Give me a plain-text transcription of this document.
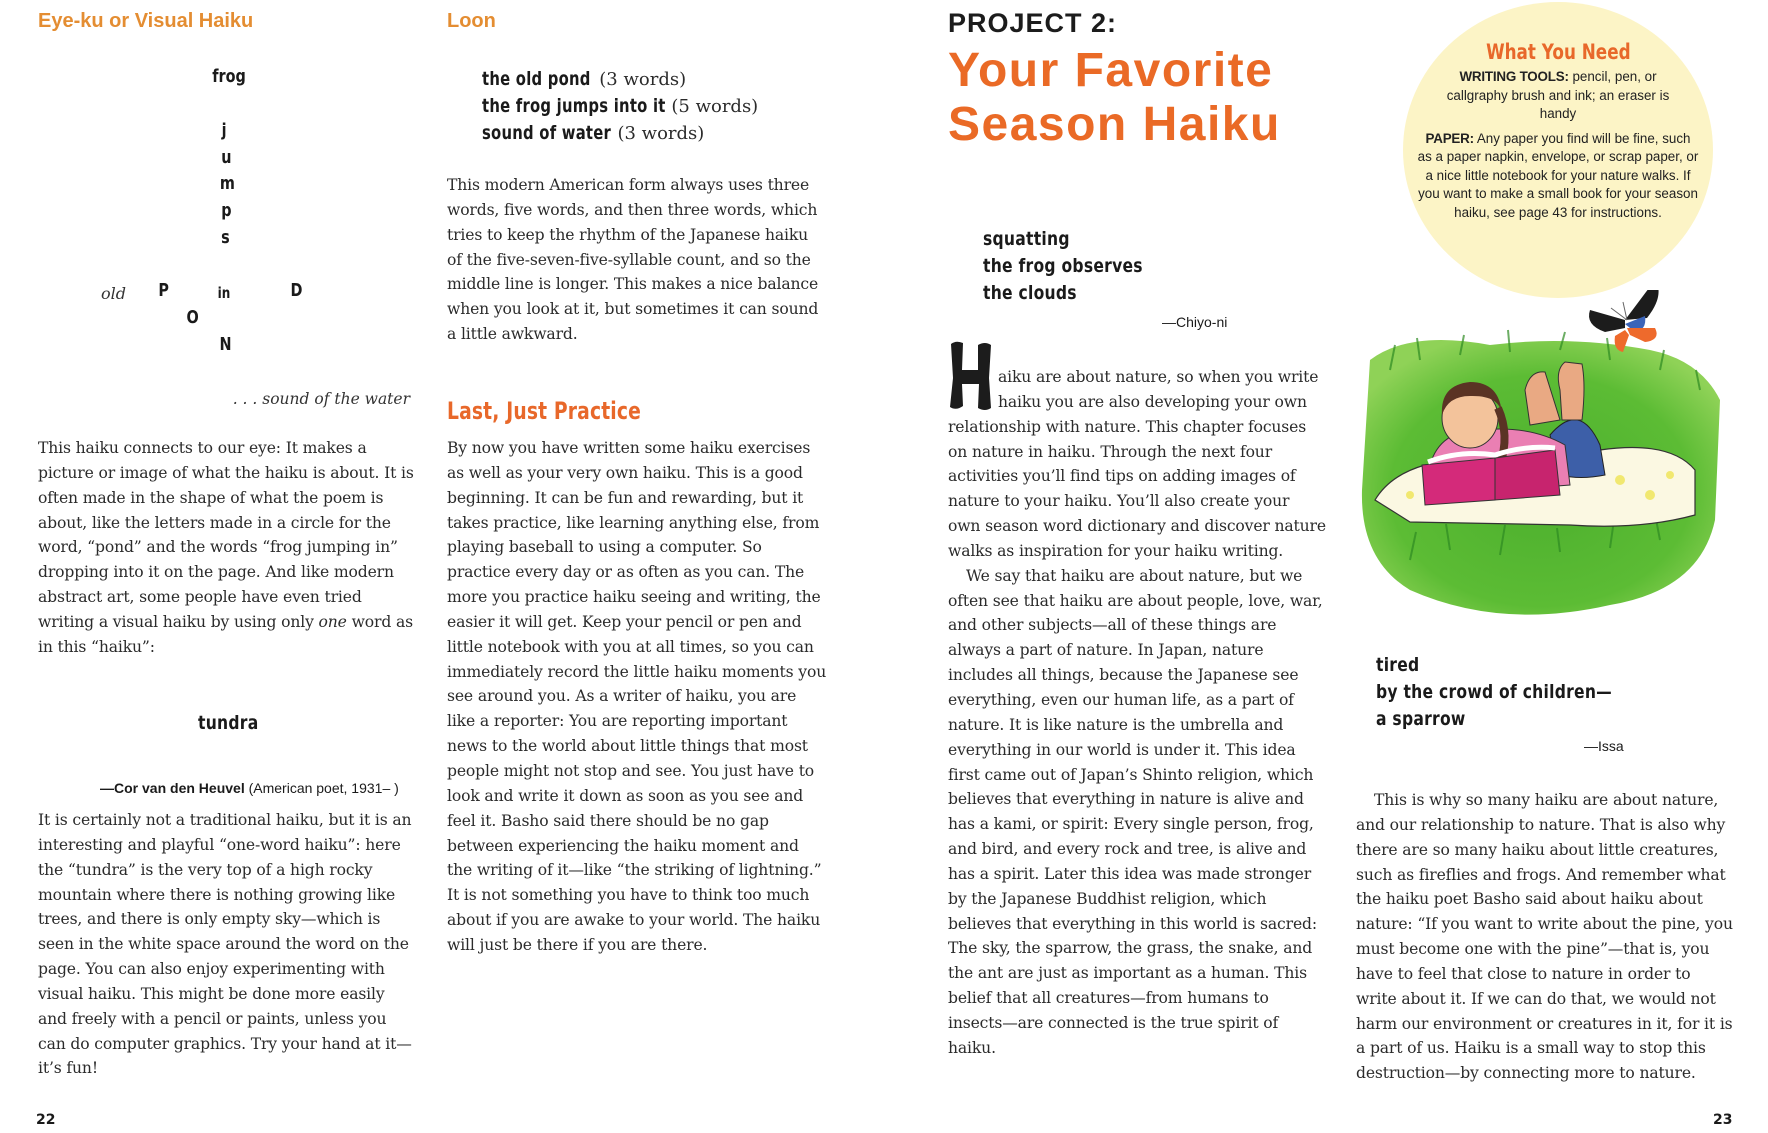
Eye-ku or Visual Haiku
frog
j
u
m
p
s
old P
O
N
D
in
. . . sound of the water

This haiku connects to our eye: It makes a picture or image of what the haiku is about. It is often made in the shape of what the poem is about, like the letters made in a circle for the word, “pond” and the words “frog jumping in” dropping into it on the page. And like modern abstract art, some people have even tried writing a visual haiku by using only one word as in this “haiku”:

tundra
—Cor van den Heuvel (American poet, 1931– )

It is certainly not a traditional haiku, but it is an interesting and playful “one-word haiku”: here the “tundra” is the very top of a high rocky mountain where there is nothing growing like trees, and there is only empty sky—which is seen in the white space around the word on the page. You can also enjoy experimenting with visual haiku. This might be done more easily and freely with a pencil or paints, unless you can do computer graphics. Try your hand at it—it’s fun!

22
Loon
the old pond (3 words)
the frog jumps into it (5 words)
sound of water (3 words)

This modern American form always uses three words, five words, and then three words, which tries to keep the rhythm of the Japanese haiku of the five-seven-five-syllable count, and so the middle line is longer. This makes a nice balance when you look at it, but sometimes it can sound a little awkward.

Last, Just Practice

By now you have written some haiku exercises as well as your very own haiku. This is a good beginning. It can be fun and rewarding, but it takes practice, like learning anything else, from playing baseball to using a computer. So practice every day or as often as you can. The more you practice haiku seeing and writing, the easier it will get. Keep your pencil or pen and little notebook with you at all times, so you can immediately record the little haiku moments you see around you. As a writer of haiku, you are like a reporter: You are reporting important news to the world about little things that most people might not stop and see. You just have to look and write it down as soon as you see and feel it. Basho said there should be no gap between experiencing the haiku moment and the writing of it—like “the striking of lightning.” It is not something you have to think too much about if you are awake to your world. The haiku will just be there if you are there.

PROJECT 2:
Your Favorite
Season Haiku
squatting
the frog observes
the clouds
—Chiyo-ni

aiku are about nature, so when you write haiku you are also developing your own relationship with nature. This chapter focuses on nature in haiku. Through the next four activities you’ll find tips on adding images of nature to your haiku. You’ll also create your own season word dictionary and discover nature walks as inspiration for your haiku writing.

We say that haiku are about nature, but we often see that haiku are about people, love, war, and other subjects—all of these things are always a part of nature. In Japan, nature includes all things, because the Japanese see everything, even our human life, as a part of nature. It is like nature is the umbrella and everything in our world is under it. This idea first came out of Japan’s Shinto religion, which believes that everything in nature is alive and has a kami, or spirit: Every single person, frog, and bird, and every rock and tree, is alive and has a spirit. Later this idea was made stronger by the Japanese Buddhist religion, which believes that everything in this world is sacred: The sky, the sparrow, the grass, the snake, and the ant are just as important as a human. This belief that all creatures—from humans to insects—are connected is the true spirit of haiku.

What You Need
WRITING TOOLS: pencil, pen, or callgraphy brush and ink; an eraser is handy
PAPER: Any paper you find will be fine, such as a paper napkin, envelope, or scrap paper, or a nice little notebook for your nature walks. If you want to make a small book for your season haiku, see page 43 for instructions.
tired
by the crowd of children—
a sparrow
—Issa

This is why so many haiku are about nature, and our relationship to nature. That is also why there are so many haiku about little creatures, such as fireflies and frogs. And remember what the haiku poet Basho said about haiku about nature: “If you want to write about the pine, you must become one with the pine”—that is, you have to feel that close to nature in order to write about it. If we can do that, we would not harm our environment or creatures in it, for it is a part of us. Haiku is a small way to stop this destruction—by connecting more to nature.

23
